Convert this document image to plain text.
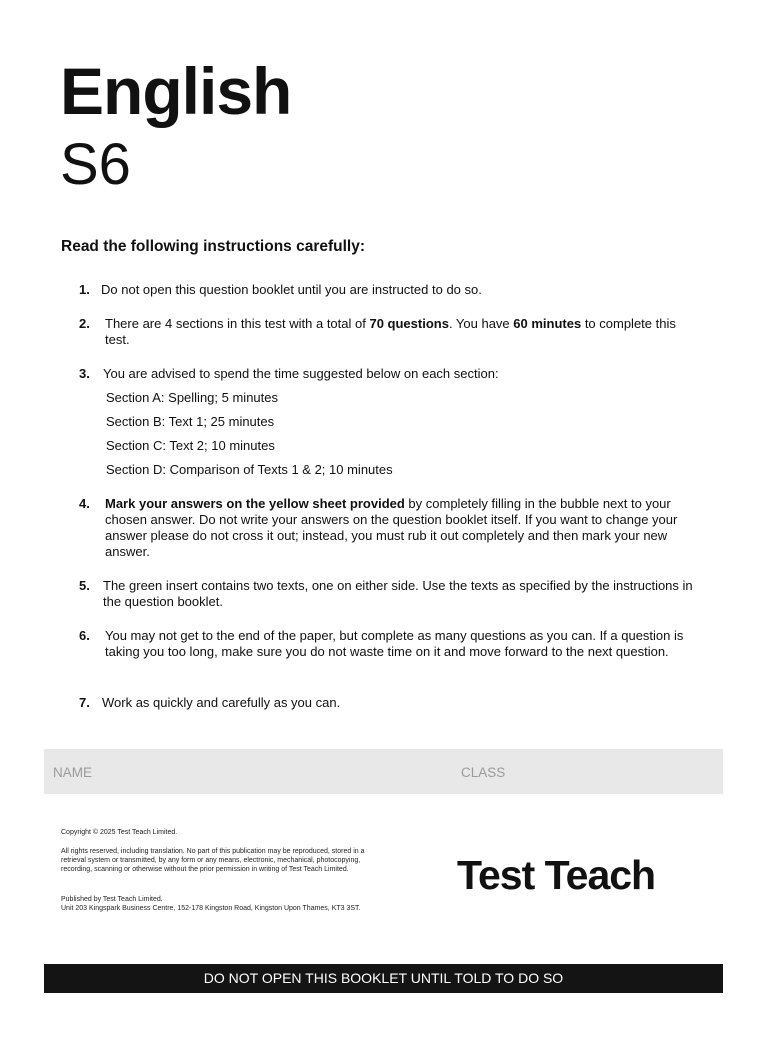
English
S6
Read the following instructions carefully:
1. Do not open this question booklet until you are instructed to do so.
2.	There are 4 sections in this test with a total of 70 questions. You have 60 minutes to complete this test.
3.	You are advised to spend the time suggested below on each section:
Section A: Spelling; 5 minutes
Section B: Text 1; 25 minutes
Section C: Text 2; 10 minutes
Section D: Comparison of Texts 1 & 2; 10 minutes
4.	Mark your answers on the yellow sheet provided by completely filling in the bubble next to your chosen answer. Do not write your answers on the question booklet itself. If you want to change your answer please do not cross it out; instead, you must rub it out completely and then mark your new answer.
5.	The green insert contains two texts, one on either side. Use the texts as specified by the instructions in the question booklet.
6.	You may not get to the end of the paper, but complete as many questions as you can. If a question is taking you too long, make sure you do not waste time on it and move forward to the next question.
7. Work as quickly and carefully as you can.
NAME	CLASS
Copyright © 2025 Test Teach Limited.
All rights reserved, including translation. No part of this publication may be reproduced, stored in a retrieval system or transmitted, by any form or any means, electronic, mechanical, photocopying, recording, scanning or otherwise without the prior permission in writing of Test Teach Limited.
Published by Test Teach Limited.
Unit 203 Kingspark Business Centre, 152-178 Kingston Road, Kingston Upon Thames, KT3 3ST.
Test Teach
DO NOT OPEN THIS BOOKLET UNTIL TOLD TO DO SO
